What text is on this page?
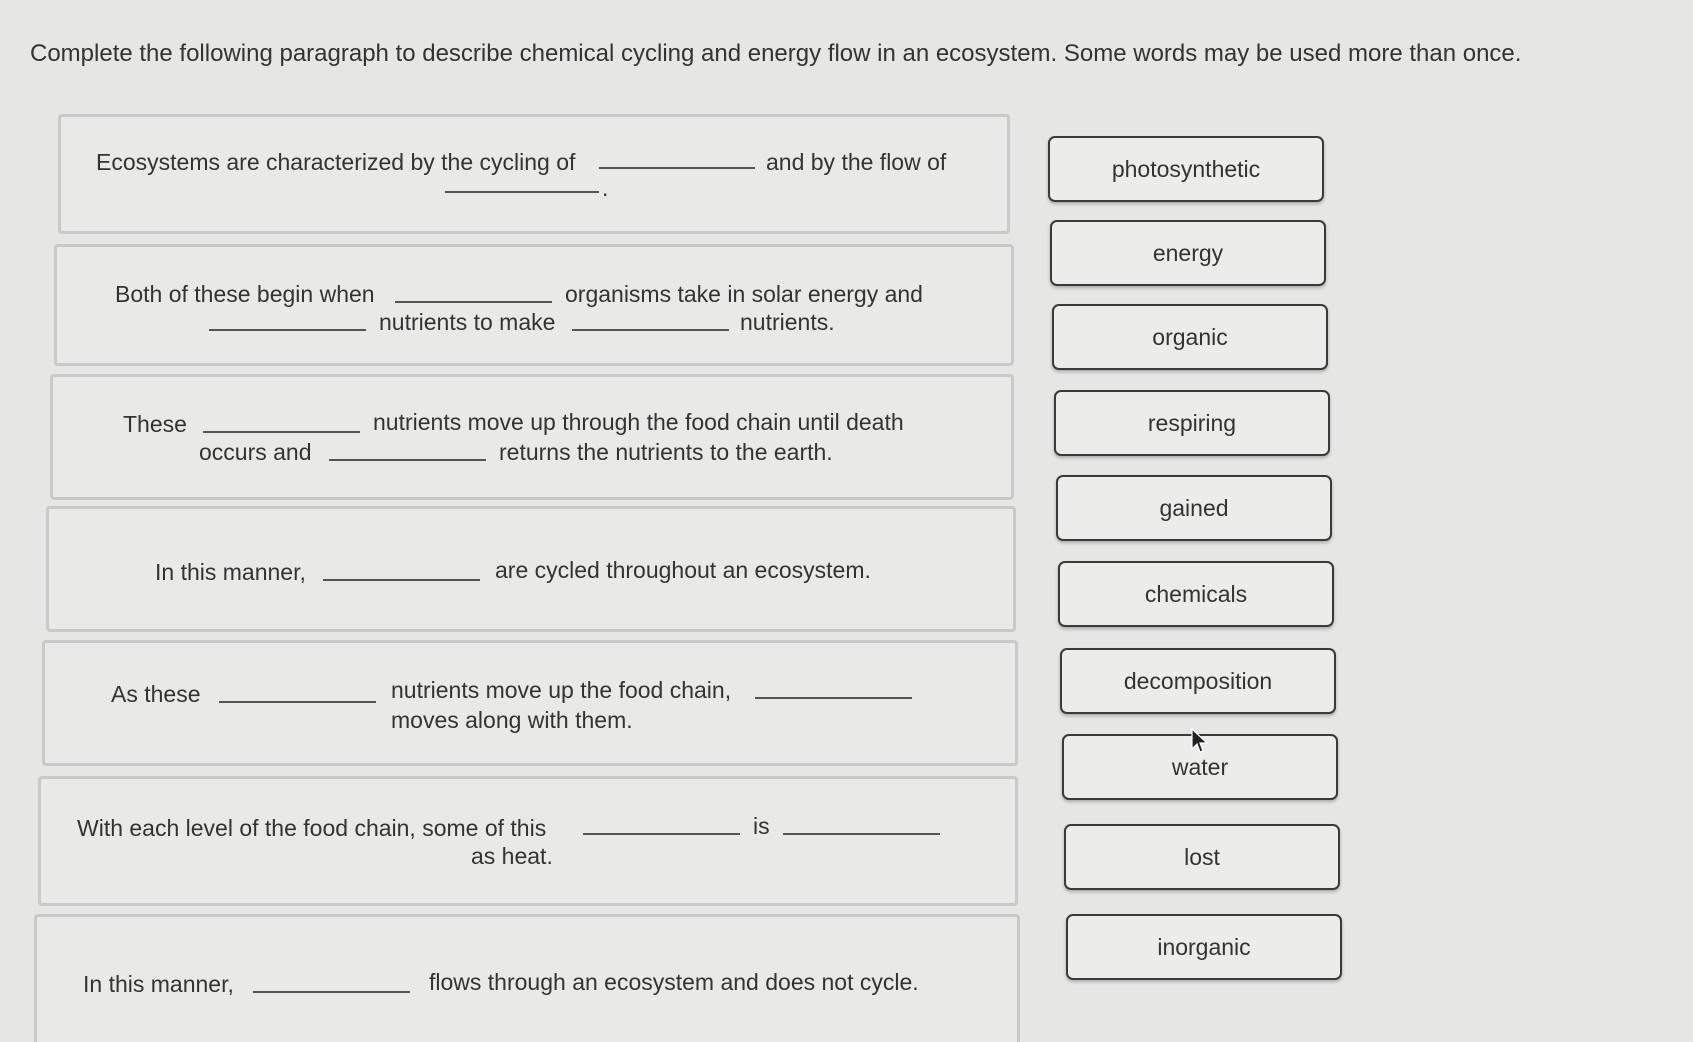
Complete the following paragraph to describe chemical cycling and energy flow in an ecosystem. Some words may be used more than once.
Ecosystems are characterized by the cycling of	and by the flow of
.
Both of these begin when	organisms take in solar energy and
nutrients to make	nutrients.
These	nutrients move up through the food chain until death
occurs and	returns the nutrients to the earth.
In this manner,	are cycled throughout an ecosystem.
As these	nutrients move up the food chain,
moves along with them.
With each level of the food chain, some of this	is
as heat.
In this manner,	flows through an ecosystem and does not cycle.
photosynthetic
energy
organic
respiring
gained
chemicals
decomposition
water
lost
inorganic
